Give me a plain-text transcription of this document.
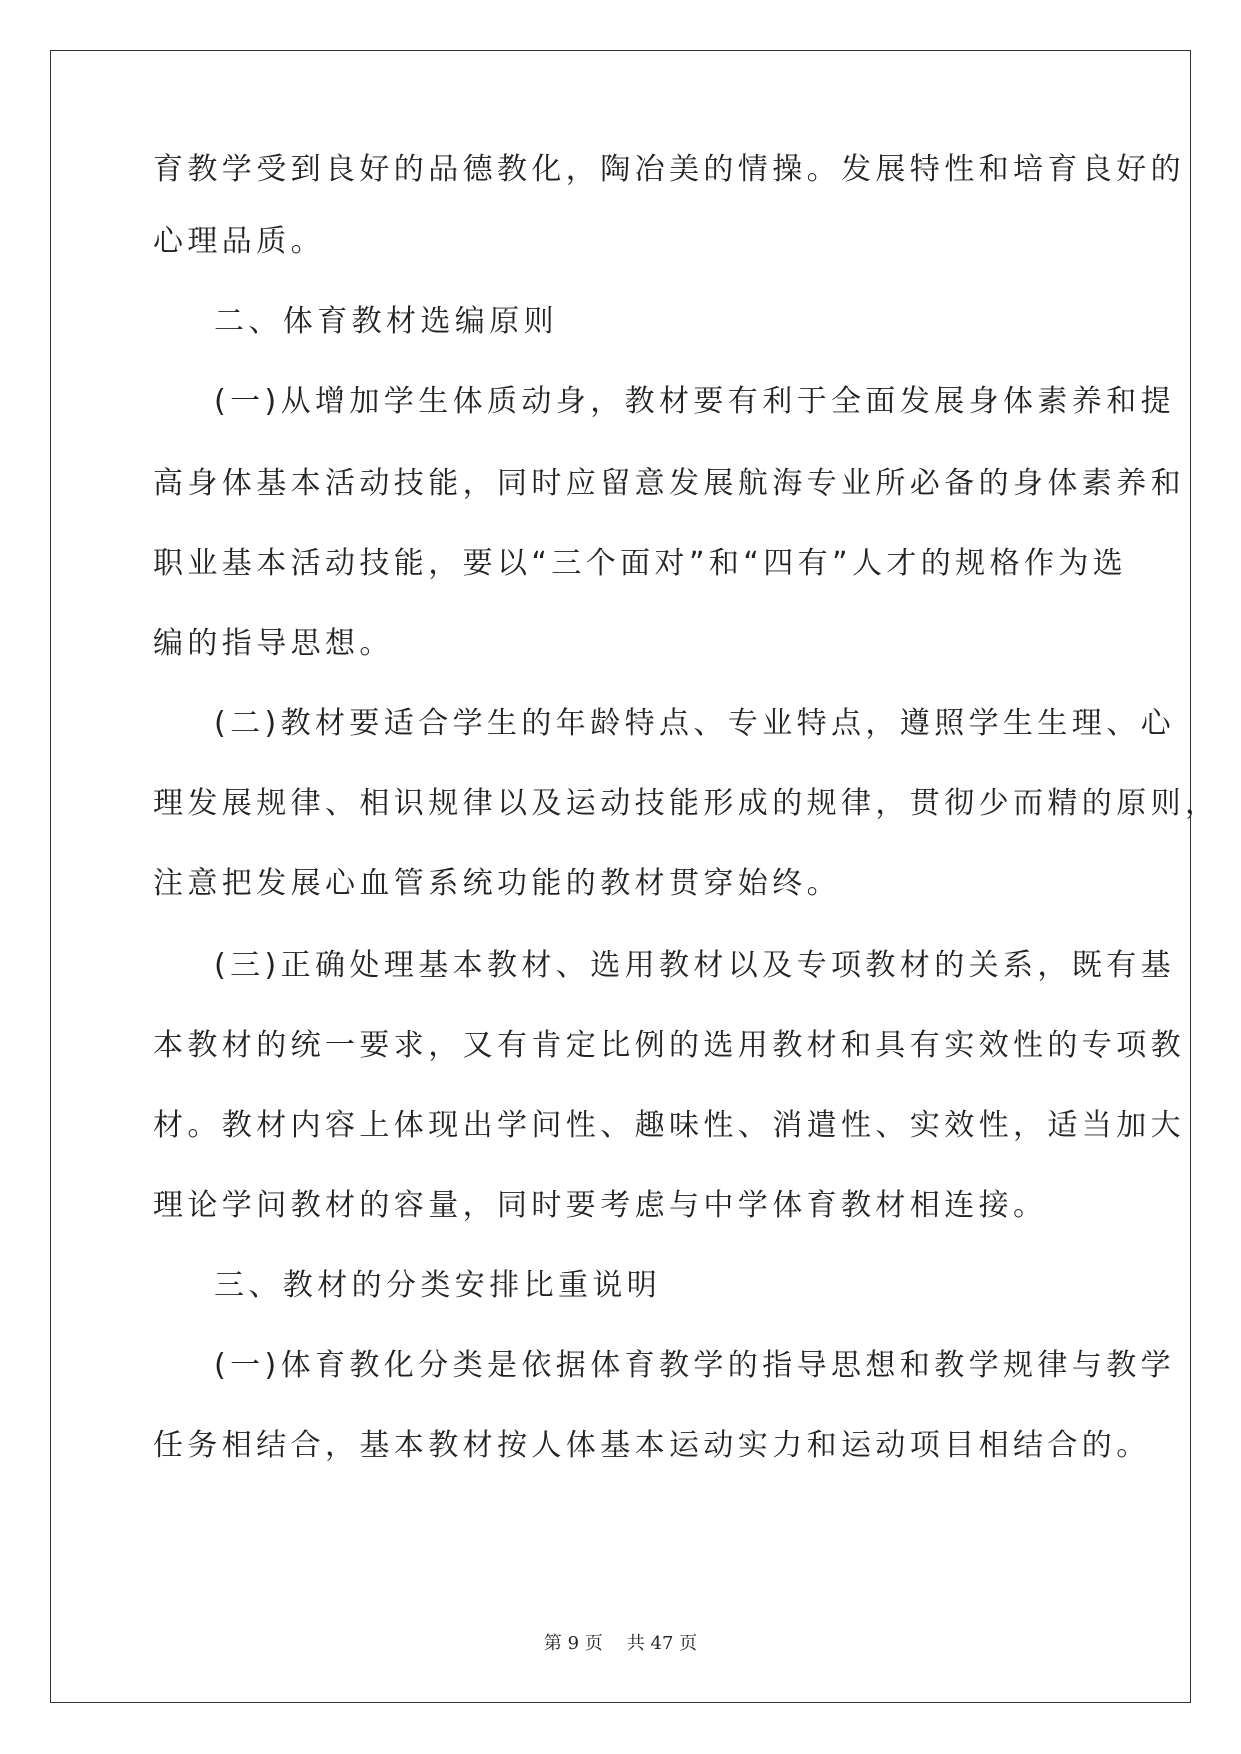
育教学受到良好的品德教化，陶冶美的情操。发展特性和培育良好的
心理品质。
二、体育教材选编原则
(一)从增加学生体质动身，教材要有利于全面发展身体素养和提
高身体基本活动技能，同时应留意发展航海专业所必备的身体素养和
职业基本活动技能，要以“三个面对”和“四有”人才的规格作为选
编的指导思想。
(二)教材要适合学生的年龄特点、专业特点，遵照学生生理、心
理发展规律、相识规律以及运动技能形成的规律，贯彻少而精的原则，
注意把发展心血管系统功能的教材贯穿始终。
(三)正确处理基本教材、选用教材以及专项教材的关系，既有基
本教材的统一要求，又有肯定比例的选用教材和具有实效性的专项教
材。教材内容上体现出学问性、趣味性、消遣性、实效性，适当加大
理论学问教材的容量，同时要考虑与中学体育教材相连接。
三、教材的分类安排比重说明
(一)体育教化分类是依据体育教学的指导思想和教学规律与教学
任务相结合，基本教材按人体基本运动实力和运动项目相结合的。
第 9 页 共 47 页
